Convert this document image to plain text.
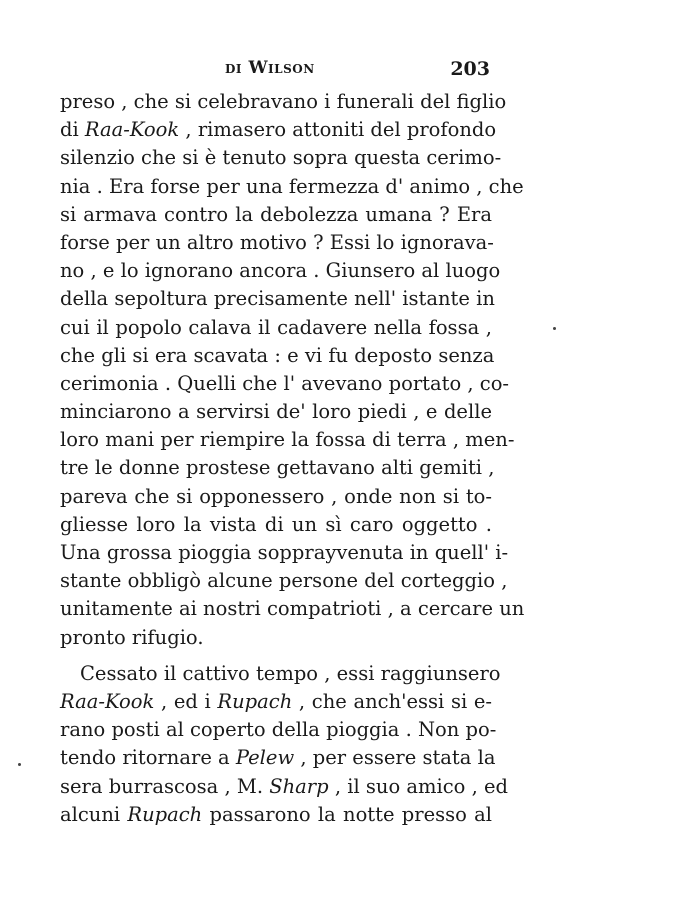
di Wilson	203
preso , che si celebravano i funerali del figlio
di Raa-Kook , rimasero attoniti del profondo
silenzio che si è tenuto sopra questa cerimo-
nia . Era forse per una fermezza d' animo , che
si armava contro la debolezza umana ? Era
forse per un altro motivo ? Essi lo ignorava-
no , e lo ignorano ancora . Giunsero al luogo
della sepoltura precisamente nell' istante in
cui il popolo calava il cadavere nella fossa ,
che gli si era scavata : e vi fu deposto senza
cerimonia . Quelli che l' avevano portato , co-
minciarono a servirsi de' loro piedi , e delle
loro mani per riempire la fossa di terra , men-
tre le donne prostese gettavano alti gemiti ,
pareva che si opponessero , onde non si to-
gliesse loro la vista di un sì caro oggetto .
Una grossa pioggia sopprayvenuta in quell' i-
stante obbligò alcune persone del corteggio ,
unitamente ai nostri compatrioti , a cercare un
pronto rifugio.
Cessato il cattivo tempo , essi raggiunsero
Raa-Kook , ed i Rupach , che anch'essi si e-
rano posti al coperto della pioggia . Non po-
tendo ritornare a Pelew , per essere stata la
sera burrascosa , M. Sharp , il suo amico , ed
alcuni Rupach passarono la notte presso al
